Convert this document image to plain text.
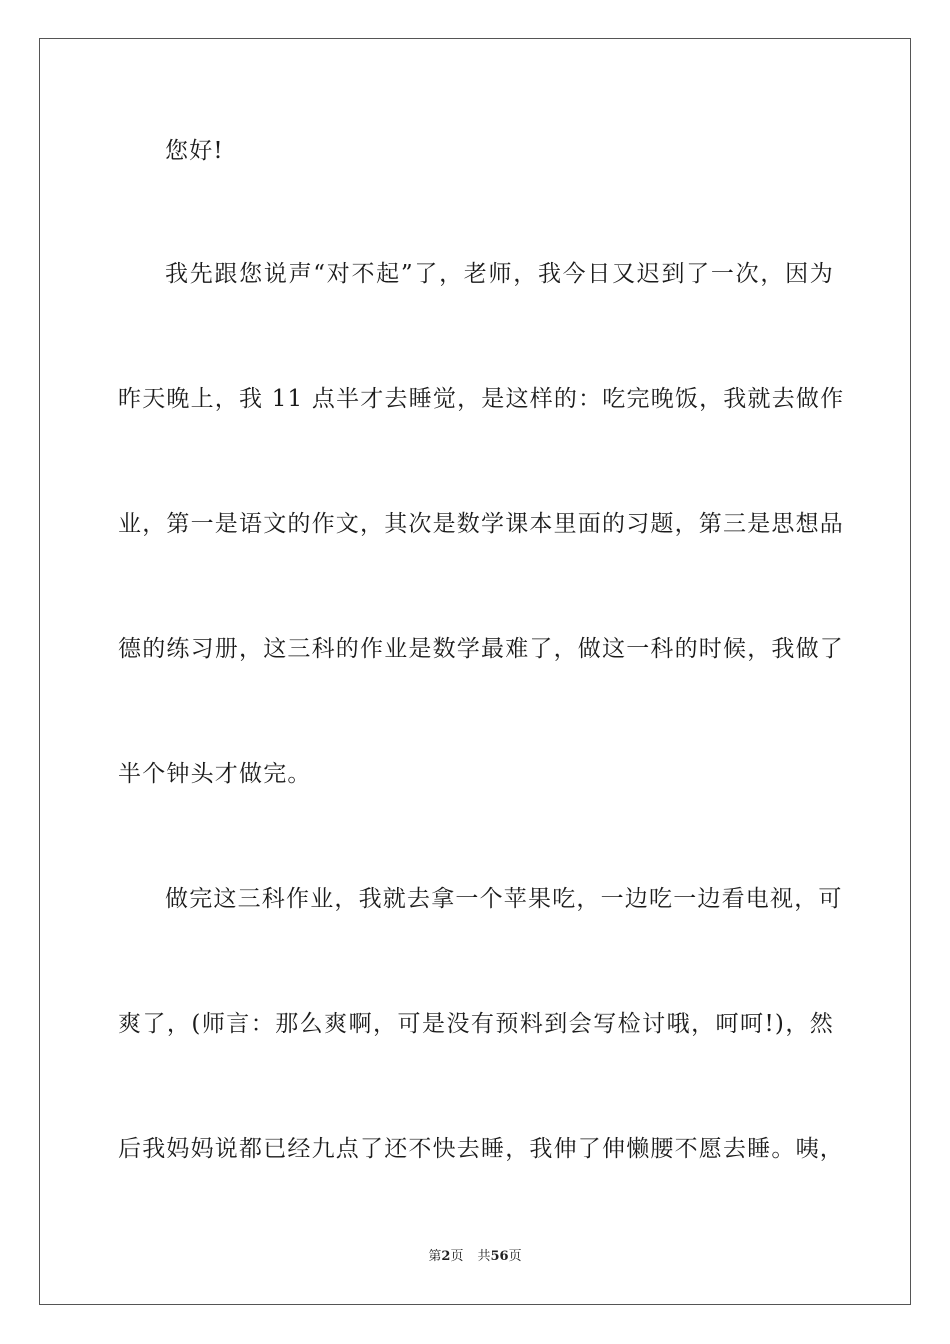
您好!
我先跟您说声“对不起”了，老师，我今日又迟到了一次，因为
昨天晚上，我 11 点半才去睡觉，是这样的：吃完晚饭，我就去做作
业，第一是语文的作文，其次是数学课本里面的习题，第三是思想品
德的练习册，这三科的作业是数学最难了，做这一科的时候，我做了
半个钟头才做完。
做完这三科作业，我就去拿一个苹果吃，一边吃一边看电视，可
爽了，(师言：那么爽啊，可是没有预料到会写检讨哦，呵呵!)，然
后我妈妈说都已经九点了还不快去睡，我伸了伸懒腰不愿去睡。咦，
第2页 共56页
